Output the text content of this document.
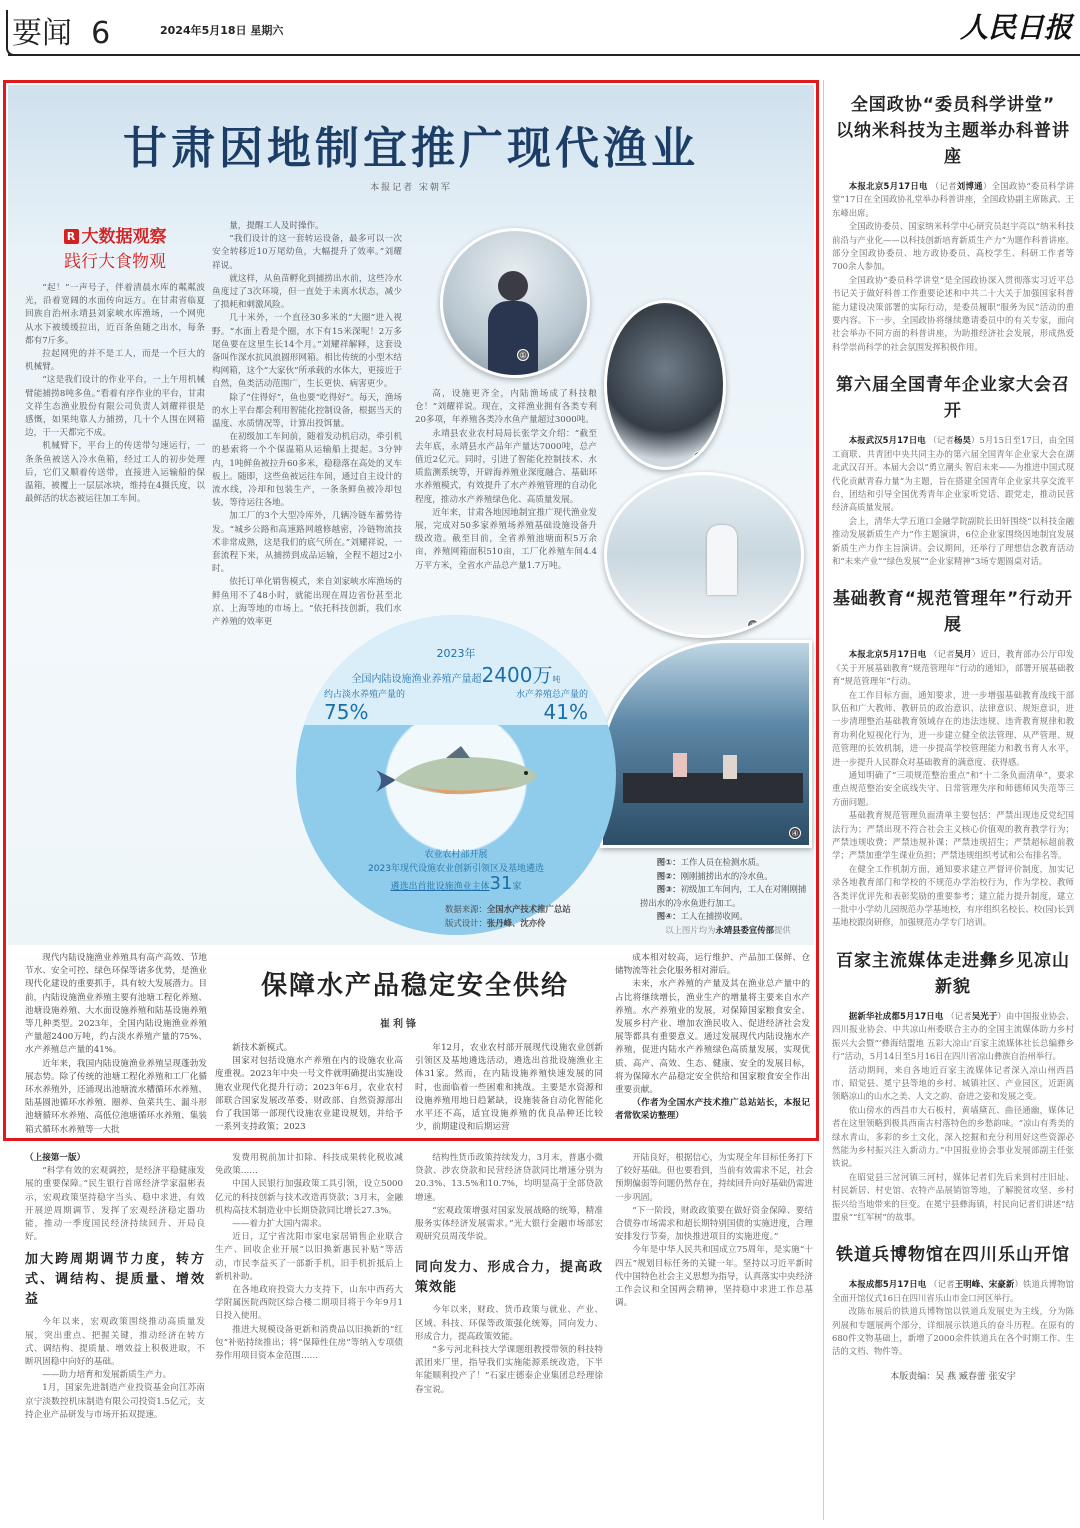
要闻 6	2024年5月18日 星期六	人民日报
甘肃因地制宜推广现代渔业
本报记者 宋朝军
R 大数据观察
践行大食物观

“起！”一声号子，伴着清晨水库的粼粼波光，沿着宽阔的水面传向远方。在甘肃省临夏回族自治州永靖县刘家峡水库渔场，一个网兜从水下被缓缓拉出，近百条鱼随之出水，每条都有7斤多。

拉起网兜的并不是工人，而是一个巨大的机械臂。

“这是我们设计的作业平台，一上午用机械臂能捕捞8吨多鱼。”看着有序作业的平台，甘肃文祥生态渔业股份有限公司负责人刘耀祥很是感慨，如果纯靠人力捕捞，几十个人围在网箱边，干一天都完不成。

机械臂下，平台上的传送带匀速运行，一条条鱼被送入冷水鱼箱，经过工人的初步处理后，它们又顺着传送带，直接进入运输船的保温箱，被覆上一层层冰块，维持在4摄氏度，以最鲜活的状态被运往加工车间。

量，提醒工人及时操作。

“我们设计的这一套转运设备，最多可以一次安全转移近10万尾幼鱼，大幅提升了效率。”刘耀祥说。

就这样，从鱼苗孵化到捕捞出水前，这些冷水鱼度过了3次环境，但一直处于未离水状态，减少了损耗和刺激风险。

几十米外，一个直径30多米的“大圈”进入视野。“水面上看是个圈，水下有15米深呢！2万多尾鱼要在这里生长14个月。”刘耀祥解释，这套设备叫作深水抗风浪圆形网箱。相比传统的小型木结构网箱，这个“大家伙”所承载的水体大，更接近于自然，鱼类活动范围广，生长更快、病害更少。

除了“住得好”，鱼也要“吃得好”。每天，渔场的水上平台都会利用智能化控制设备，根据当天的温度、水质情况等，计算出投饵量。

在初级加工车间前，随着发动机启动，牵引机的悬索将一个个保温箱从运输船上提起。3分钟内，1吨鲜鱼被拉升60多米，稳稳落在高处的叉车板上。随即，这些鱼被运往车间，通过自主设计的流水线，冷却和包装生产，一条条鲜鱼被冷却包装，等待运往各地。

加工厂的3个大型冷库外，几辆冷链车蓄势待发。“城乡公路和高速路网越修越密，冷链物流技术非常成熟，这是我们的底气所在。”刘耀祥说，一套流程下来，从捕捞到成品运输，全程不超过2小时。

依托订单化销售模式，来自刘家峡水库渔场的鲜鱼用不了48小时，就能出现在周边省份甚至北京、上海等地的市场上。“依托科技创新，我们水产养殖的效率更

高，设施更齐全，内陆渔场成了科技粮仓！”刘耀祥说。现在，文祥渔业拥有各类专利20多项，年养殖各类冷水鱼产量超过3000吨。

永靖县农业农村局局长张学文介绍：“截至去年底，永靖县水产品年产量达7000吨，总产值近2亿元。同时，引进了智能化控制技术、水质监测系统等，开辟海养殖业深度融合、基础环水养殖模式，有效提升了水产养殖管理的自动化程度，推动水产养殖绿色化、高质量发展。

近年来，甘肃各地因地制宜推广现代渔业发展，完成对50多家养殖场养殖基础设施设备升级改造。截至目前，全省养殖池塘面积5万余亩，养殖网箱面积510亩，工厂化养殖车间4.4万平方米，全省水产品总产量1.7万吨。

①
②
③
④
2023年
全国内陆设施渔业养殖产量超2400万吨
约占淡水养殖产量的
75%
水产养殖总产量的
41%
农业农村部开展
2023年现代设施农业创新引领区及基地遴选
遴选出首批设施渔业主体31家
数据来源：全国水产技术推广总站
版式设计：张丹峰、沈亦伶
图①：工作人员在检测水质。
图②：刚刚捕捞出水的冷水鱼。
图③：初级加工车间内，工人在对刚刚捕捞出水的冷水鱼进行加工。
图④：工人在捕捞收网。
以上图片均为永靖县委宣传部提供

现代内陆设施渔业养殖具有高产高效、节地节水、安全可控、绿色环保等诸多优势，是渔业现代化建设的重要抓手，具有较大发展潜力。目前，内陆设施渔业养殖主要有池塘工程化养殖、池塘设施养殖、大水面设施养殖和陆基设施养殖等几种类型。2023年，全国内陆设施渔业养殖产量超2400万吨，约占淡水养殖产量的75%、水产养殖总产量的41%。

近年来，我国内陆设施渔业养殖呈现蓬勃发展态势。除了传统的池塘工程化养殖和工厂化循环水养殖外，还涌现出池塘流水槽循环水养殖、陆基圆池循环水养殖、圈养、鱼菜共生、漏斗形池塘循环水养殖、高低位池塘循环水养殖、集装箱式循环水养殖等一大批

保障水产品稳定安全供给
崔利锋

新技术新模式。

国家对包括设施水产养殖在内的设施农业高度重视。2023年中央一号文件就明确提出实施设施农业现代化提升行动；2023年6月，农业农村部联合国家发展改革委、财政部、自然资源部出台了我国第一部现代设施农业建设规划，并给予一系列支持政策；2023

年12月，农业农村部开展现代设施农业创新引领区及基地遴选活动，遴选出首批设施渔业主体31家。然而，在内陆设施养殖快速发展的同时，也面临着一些困难和挑战。主要是水资源和设施养殖用地日趋紧缺，设施装备自动化智能化水平还不高，适宜设施养殖的优良品种还比较少，前期建设和后期运营

成本相对较高，运行维护、产品加工保鲜、仓储物流等社会化服务相对滞后。

未来，水产养殖的产量及其在渔业总产量中的占比将继续增长，渔业生产的增量将主要来自水产养殖。水产养殖业的发展，对保障国家粮食安全、发展乡村产业、增加农渔民收入、促进经济社会发展等都具有重要意义。通过发展现代内陆设施水产养殖，促进内陆水产养殖绿色高质量发展，实现优质、高产、高效、生态、健康、安全的发展目标，将为保障水产品稳定安全供给和国家粮食安全作出重要贡献。

（作者为全国水产技术推广总站站长，本报记者常钦采访整理）

全国政协“委员科学讲堂”
以纳米科技为主题举办科普讲座

本报北京5月17日电 （记者刘博通）全国政协“委员科学讲堂”17日在全国政协礼堂举办科普讲座，全国政协副主席陈武、王东峰出席。

全国政协委员、国家纳米科学中心研究员赵宇亮以“纳米科技前沿与产业化——以科技创新培育新质生产力”为题作科普讲座。部分全国政协委员、地方政协委员、高校学生、科研工作者等700余人参加。

全国政协“委员科学讲堂”是全国政协深入贯彻落实习近平总书记关于做好科普工作重要论述和中共二十大关于加强国家科普能力建设决策部署的实际行动，是委员履职“服务为民”活动的重要内容。下一步，全国政协将继续邀请委员中的有关专家，面向社会举办不同方面的科普讲座，为助推经济社会发展，形成热爱科学崇尚科学的社会氛围发挥积极作用。

第六届全国青年企业家大会召开

本报武汉5月17日电 （记者杨昊）5月15日至17日，由全国工商联、共青团中央共同主办的第六届全国青年企业家大会在湖北武汉召开。本届大会以“勇立潮头 智启未来——为推进中国式现代化贡献青春力量”为主题，旨在搭建全国青年企业家共享交流平台，团结和引导全国优秀青年企业家听党话、跟党走，推动民营经济高质量发展。

会上，清华大学五道口金融学院副院长田轩围绕“以科技金融推动发展新质生产力”作主题演讲，6位企业家围绕因地制宜发展新质生产力作主旨演讲。会议期间，还举行了理想信念教育活动和“未来产业”“绿色发展”“企业家精神”3场专题圆桌对话。

基础教育“规范管理年”行动开展

本报北京5月17日电 （记者吴月）近日，教育部办公厅印发《关于开展基础教育“规范管理年”行动的通知》，部署开展基础教育“规范管理年”行动。

在工作目标方面，通知要求，进一步增强基础教育战线干部队伍和广大教师、教研员的政治意识、法律意识、规矩意识，进一步清理整治基础教育领域存在的违法违规、违背教育规律和教育功利化短视化行为，进一步建立健全依法管理、从严管理、规范管理的长效机制，进一步提高学校管理能力和教书育人水平，进一步提升人民群众对基础教育的满意度、获得感。

通知明确了“三项规范整治重点”和“十二条负面清单”，要求重点规范整治安全底线失守、日常管理失序和师德师风失范等三方面问题。

基础教育规范管理负面清单主要包括：严禁出现违反党纪国法行为；严禁出现不符合社会主义核心价值观的教育教学行为；严禁违规收费；严禁违规补课；严禁违规招生；严禁超标超前教学；严禁加重学生课业负担；严禁违规组织考试和公布排名等。

在健全工作机制方面，通知要求建立严督评价制度，加实记录各地教育部门和学校的不规范办学治校行为，作为学校、教师各类评优评先和表彰奖励的重要参考；建立能力提升制度，建立一批中小学幼儿园规范办学基地校，有序组织名校长、校(园)长到基地校跟岗研修，加强规范办学专门培训。

百家主流媒体走进彝乡见凉山新貌

据新华社成都5月17日电 （记者吴光于）由中国报业协会、四川报业协会、中共凉山州委联合主办的全国主流媒体助力乡村振兴大会暨“‘彝海结盟地 五彩大凉山’百家主流媒体社长总编彝乡行”活动，5月14日至5月16日在四川省凉山彝族自治州举行。

活动期间，来自各地近百家主流媒体记者深入凉山州西昌市、昭觉县、冕宁县等地的乡村、城镇社区、产业园区，近距离领略凉山的山水之美、人文之韵、奋进之姿和发展之变。

依山傍水的西昌市大石板村，黄墙黛瓦、曲径通幽，媒体记者在这里领略到极具西南古村落特色的乡愁韵味。“凉山有秀美的绿水青山，多彩的乡土文化，深入挖掘和充分利用好这些资源必然能为乡村振兴注入新动力。”中国报业协会事业发展部副主任张铁说。

在昭觉县三岔河镇三河村，媒体记者们先后来到村庄旧址、村民新居、村史馆、农特产品展销馆等地，了解脱贫攻坚、乡村振兴给当地带来的巨变。在冕宁县彝海镇，村民向记者们讲述“结盟泉”“红军树”的故事。

铁道兵博物馆在四川乐山开馆

本报成都5月17日电 （记者王明峰、宋豪新）铁道兵博物馆全面开馆仪式16日在四川省乐山市金口河区举行。

改陈布展后的铁道兵博物馆以铁道兵发展史为主线，分为陈列展和专题展两个部分，详细展示铁道兵的奋斗历程。在原有的680件文物基础上，新增了2000余件铁道兵在各个时期工作、生活的文档、物件等。

本版责编：吴 燕 臧春蕾 张安宇
（上接第一版）

“科学有效的宏观调控，是经济平稳健康发展的重要保障。”民生银行首席经济学家温彬表示，宏观政策坚持稳字当头、稳中求进，有效开展逆周期调节、发挥了宏观经济稳定器功能，推动一季度国民经济持续回升、开局良好。

加大跨周期调节力度，转方式、调结构、提质量、增效益

今年以来，宏观政策围绕推动高质量发展，突出重点、把握关键，推动经济在转方式、调结构、提质量、增效益上积极进取，不断巩固稳中向好的基础。

——助力培育和发展新质生产力。

1月，国家先进制造产业投资基金向江苏南京宁淡数控机床制造有限公司投资1.5亿元，支持企业产品研发与市场开拓双提速。

发费用税前加计扣除、科技成果转化税收减免政策……

中国人民银行加强政策工具引领，设立5000亿元的科技创新与技术改造再贷款；3月末，金融机构高技术制造业中长期贷款同比增长27.3%。

——着力扩大国内需求。

近日，辽宁省沈阳市家电家居销售企业联合生产、回收企业开展“以旧换新惠民补贴”等活动，市民李益买了一部新手机，旧手机折抵后上新机补助。

在各地政府投资大力支持下，山东中西药大学附属医院西院区综合楼二期项目将于今年9月1日投入使用。

推进大规模设备更新和消费品以旧换新的“红包”补贴持续推出；将“保障性住房”等纳入专项债券作用项目资本金范围……

结构性货币政策持续发力，3月末，普惠小微贷款、涉农贷款和民营经济贷款同比增速分别为20.3%、13.5%和10.7%，均明显高于全部贷款增速。

“宏观政策增强对国家发展战略的统筹，精准服务实体经济发展需求。”光大银行金融市场部宏观研究员周茂华说。

同向发力、形成合力，提高政策效能

今年以来，财政、货币政策与就业、产业、区域、科技、环保等政策强化统筹，同向发力、形成合力，提高政策效能。

“多亏河北科技大学课题组教授带领的科技特派团来厂里，指导我们实施能源系统改造，下半年能顺利投产了！”石家庄德泰企业集团总经理徐春宝说。

开陆良好，根据信心，为实现全年目标任务打下了较好基础。但也要看到，当前有效需求不足，社会预期偏弱等问题仍然存在，持续回升向好基础仍需进一步巩固。

“下一阶段，财政政策要在做好资金保障、要结合债券市场需求和超长期特别国债的实施进度，合理安排发行节奏，加快推进项目的实施进度。”

今年是中华人民共和国成立75周年，是实施“十四五”规划目标任务的关键一年。坚持以习近平新时代中国特色社会主义思想为指导，认真落实中央经济工作会议和全国两会精神，坚持稳中求进工作总基调。
